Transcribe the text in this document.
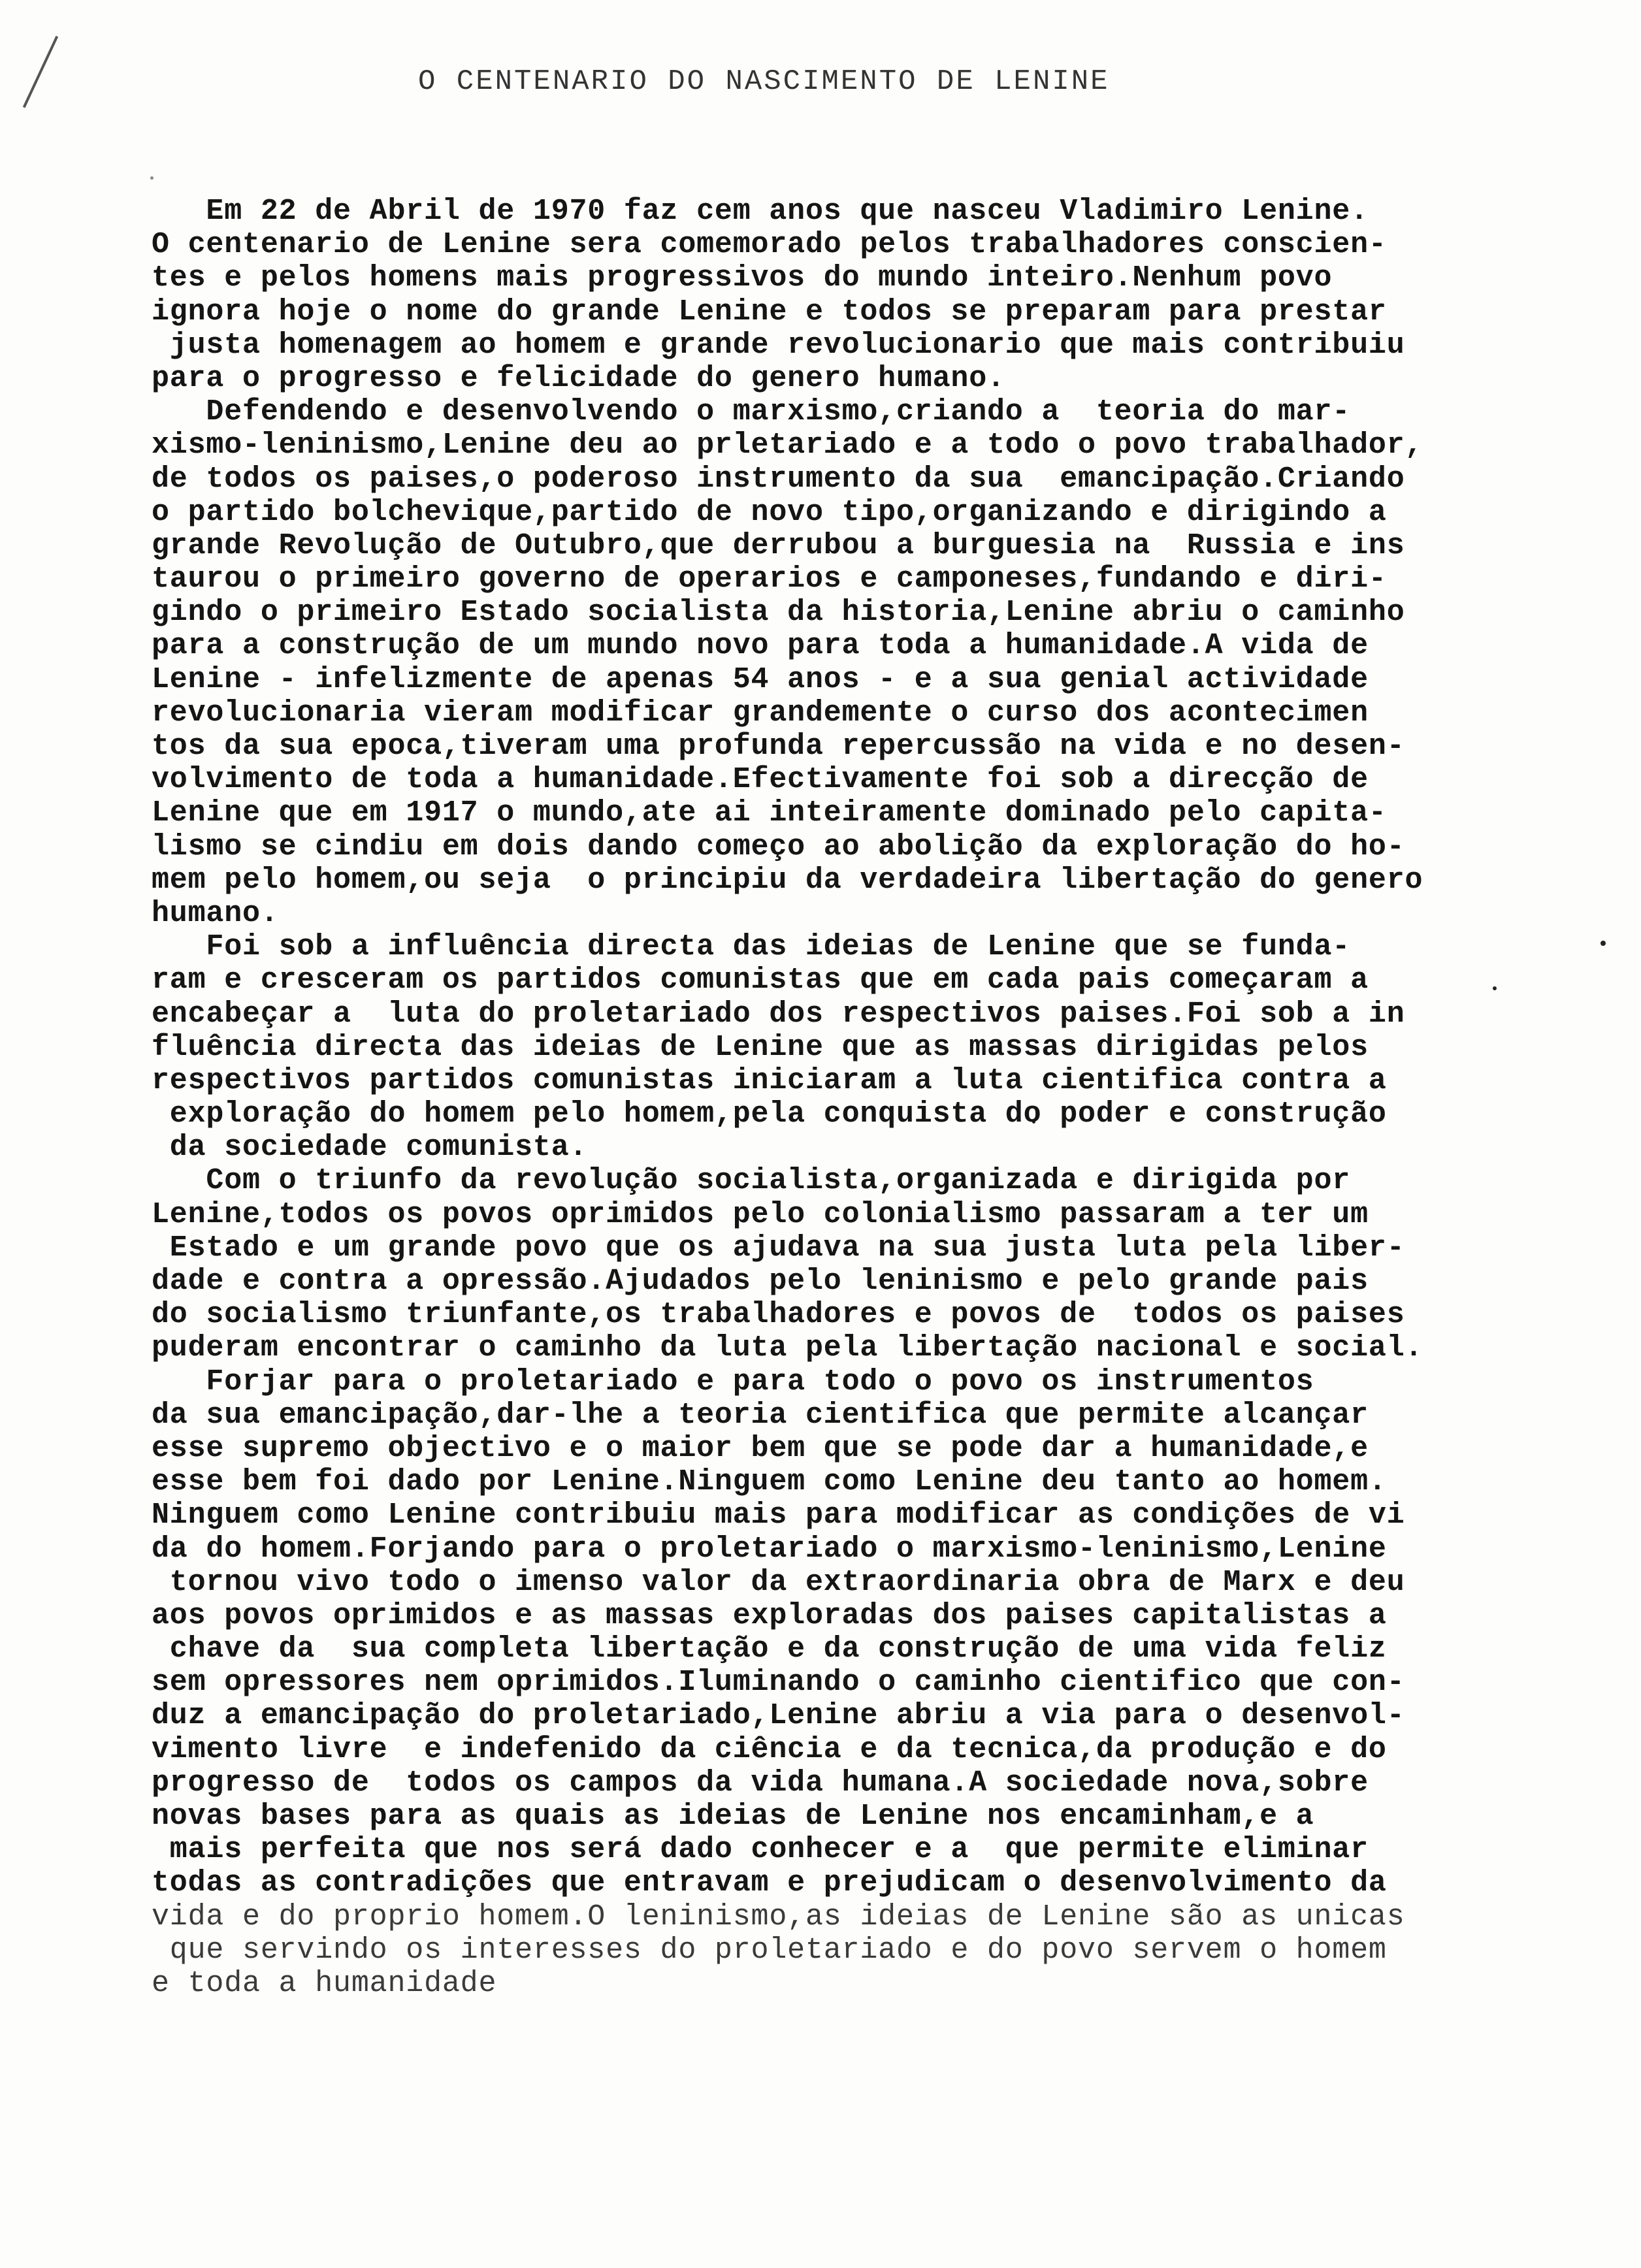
O CENTENARIO DO NASCIMENTO DE LENINE
Em 22 de Abril de 1970 faz cem anos que nasceu Vladimiro Lenine.
O centenario de Lenine sera comemorado pelos trabalhadores conscien-
tes e pelos homens mais progressivos do mundo inteiro.Nenhum povo
ignora hoje o nome do grande Lenine e todos se preparam para prestar
justa homenagem ao homem e grande revolucionario que mais contribuiu
para o progresso e felicidade do genero humano.
Defendendo e desenvolvendo o marxismo,criando a  teoria do mar-
xismo-leninismo,Lenine deu ao prletariado e a todo o povo trabalhador,
de todos os paises,o poderoso instrumento da sua  emancipação.Criando
o partido bolchevique,partido de novo tipo,organizando e dirigindo a
grande Revolução de Outubro,que derrubou a burguesia na  Russia e ins
taurou o primeiro governo de operarios e camponeses,fundando e diri-
gindo o primeiro Estado socialista da historia,Lenine abriu o caminho
para a construção de um mundo novo para toda a humanidade.A vida de
Lenine - infelizmente de apenas 54 anos - e a sua genial actividade
revolucionaria vieram modificar grandemente o curso dos acontecimen
tos da sua epoca,tiveram uma profunda repercussão na vida e no desen-
volvimento de toda a humanidade.Efectivamente foi sob a direcção de
Lenine que em 1917 o mundo,ate ai inteiramente dominado pelo capita-
lismo se cindiu em dois dando começo ao abolição da exploração do ho-
mem pelo homem,ou seja  o principiu da verdadeira libertação do genero
humano.
Foi sob a influência directa das ideias de Lenine que se funda-
ram e cresceram os partidos comunistas que em cada pais começaram a
encabeçar a  luta do proletariado dos respectivos paises.Foi sob a in
fluência directa das ideias de Lenine que as massas dirigidas pelos
respectivos partidos comunistas iniciaram a luta cientifica contra a
exploração do homem pelo homem,pela conquista do poder e construção
da sociedade comunista.
Com o triunfo da revolução socialista,organizada e dirigida por
Lenine,todos os povos oprimidos pelo colonialismo passaram a ter um
Estado e um grande povo que os ajudava na sua justa luta pela liber-
dade e contra a opressão.Ajudados pelo leninismo e pelo grande pais
do socialismo triunfante,os trabalhadores e povos de  todos os paises
puderam encontrar o caminho da luta pela libertação nacional e social.
Forjar para o proletariado e para todo o povo os instrumentos
da sua emancipação,dar-lhe a teoria cientifica que permite alcançar
esse supremo objectivo e o maior bem que se pode dar a humanidade,e
esse bem foi dado por Lenine.Ninguem como Lenine deu tanto ao homem.
Ninguem como Lenine contribuiu mais para modificar as condições de vi
da do homem.Forjando para o proletariado o marxismo-leninismo,Lenine
tornou vivo todo o imenso valor da extraordinaria obra de Marx e deu
aos povos oprimidos e as massas exploradas dos paises capitalistas a
chave da  sua completa libertação e da construção de uma vida feliz
sem opressores nem oprimidos.Iluminando o caminho cientifico que con-
duz a emancipação do proletariado,Lenine abriu a via para o desenvol-
vimento livre  e indefenido da ciência e da tecnica,da produção e do
progresso de  todos os campos da vida humana.A sociedade nova,sobre
novas bases para as quais as ideias de Lenine nos encaminham,e a
mais perfeita que nos será dado conhecer e a  que permite eliminar
todas as contradições que entravam e prejudicam o desenvolvimento da
vida e do proprio homem.O leninismo,as ideias de Lenine são as unicas
que servindo os interesses do proletariado e do povo servem o homem
e toda a humanidade
